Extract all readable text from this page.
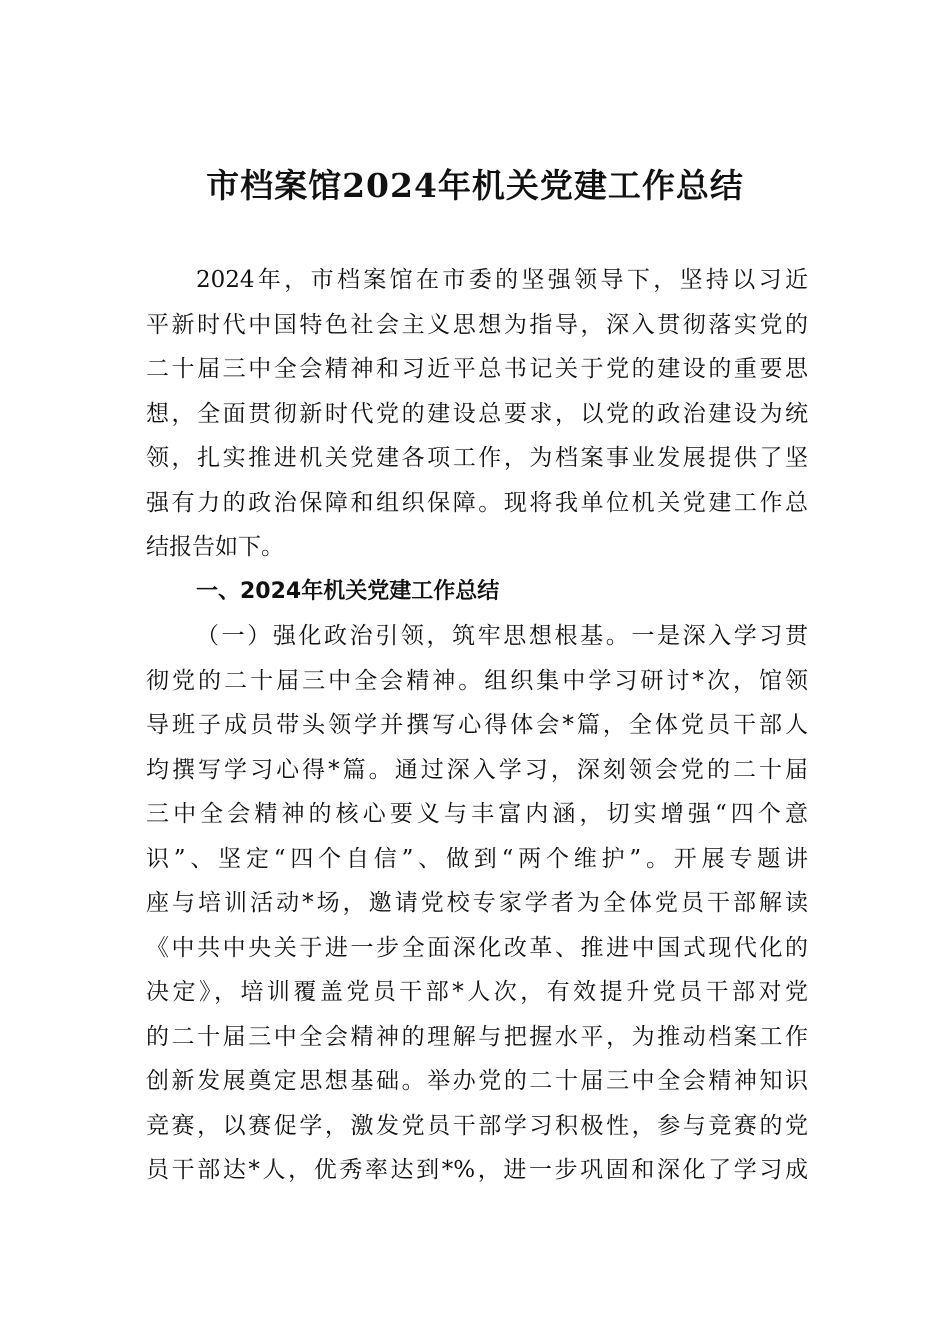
市档案馆2024年机关党建工作总结
2024年，市档案馆在市委的坚强领导下，坚持以习近
平新时代中国特色社会主义思想为指导，深入贯彻落实党的
二十届三中全会精神和习近平总书记关于党的建设的重要思
想，全面贯彻新时代党的建设总要求，以党的政治建设为统
领，扎实推进机关党建各项工作，为档案事业发展提供了坚
强有力的政治保障和组织保障。现将我单位机关党建工作总
结报告如下。
一、2024年机关党建工作总结
（一）强化政治引领，筑牢思想根基。一是深入学习贯
彻党的二十届三中全会精神。组织集中学习研讨*次，馆领
导班子成员带头领学并撰写心得体会*篇，全体党员干部人
均撰写学习心得*篇。通过深入学习，深刻领会党的二十届
三中全会精神的核心要义与丰富内涵，切实增强“四个意
识”、坚定“四个自信”、做到“两个维护”。开展专题讲
座与培训活动*场，邀请党校专家学者为全体党员干部解读
《中共中央关于进一步全面深化改革、推进中国式现代化的
决定》，培训覆盖党员干部*人次，有效提升党员干部对党
的二十届三中全会精神的理解与把握水平，为推动档案工作
创新发展奠定思想基础。举办党的二十届三中全会精神知识
竞赛，以赛促学，激发党员干部学习积极性，参与竞赛的党
员干部达*人，优秀率达到*%，进一步巩固和深化了学习成
